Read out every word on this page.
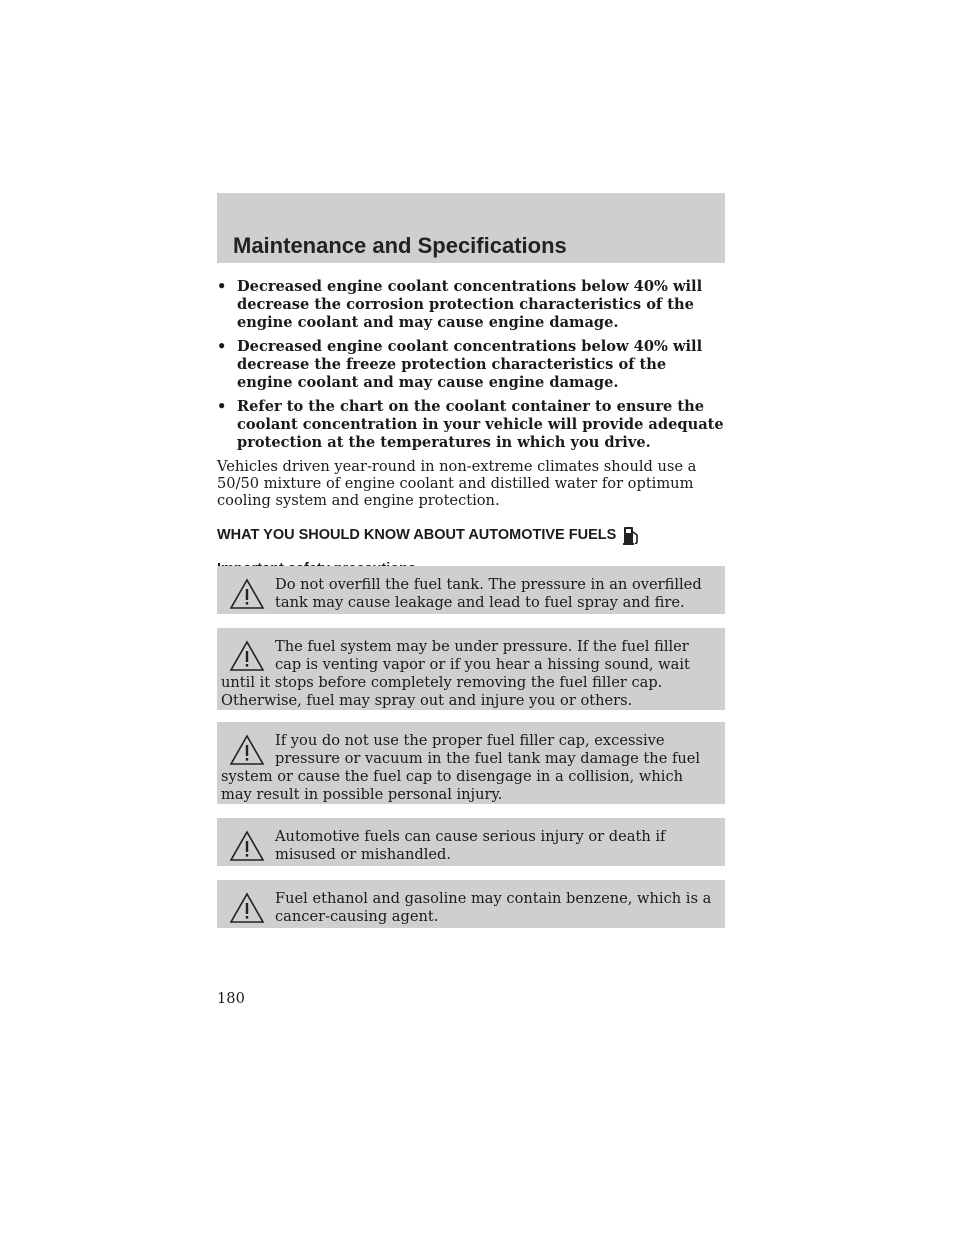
Maintenance and Specifications
• Decreased engine coolant concentrations below 40% will decrease the corrosion protection characteristics of the engine coolant and may cause engine damage.
• Decreased engine coolant concentrations below 40% will decrease the freeze protection characteristics of the engine coolant and may cause engine damage.
• Refer to the chart on the coolant container to ensure the coolant concentration in your vehicle will provide adequate protection at the temperatures in which you drive.
Vehicles driven year-round in non-extreme climates should use a 50/50 mixture of engine coolant and distilled water for optimum cooling system and engine protection.
WHAT YOU SHOULD KNOW ABOUT AUTOMOTIVE FUELS
Do not overfill the fuel tank. The pressure in an overfilled tank may cause leakage and lead to fuel spray and fire.
The fuel system may be under pressure. If the fuel filler cap is venting vapor or if you hear a hissing sound, wait until it stops before completely removing the fuel filler cap. Otherwise, fuel may spray out and injure you or others.
If you do not use the proper fuel filler cap, excessive pressure or vacuum in the fuel tank may damage the fuel system or cause the fuel cap to disengage in a collision, which may result in possible personal injury.
Automotive fuels can cause serious injury or death if misused or mishandled.
Fuel ethanol and gasoline may contain benzene, which is a cancer-causing agent.
180
